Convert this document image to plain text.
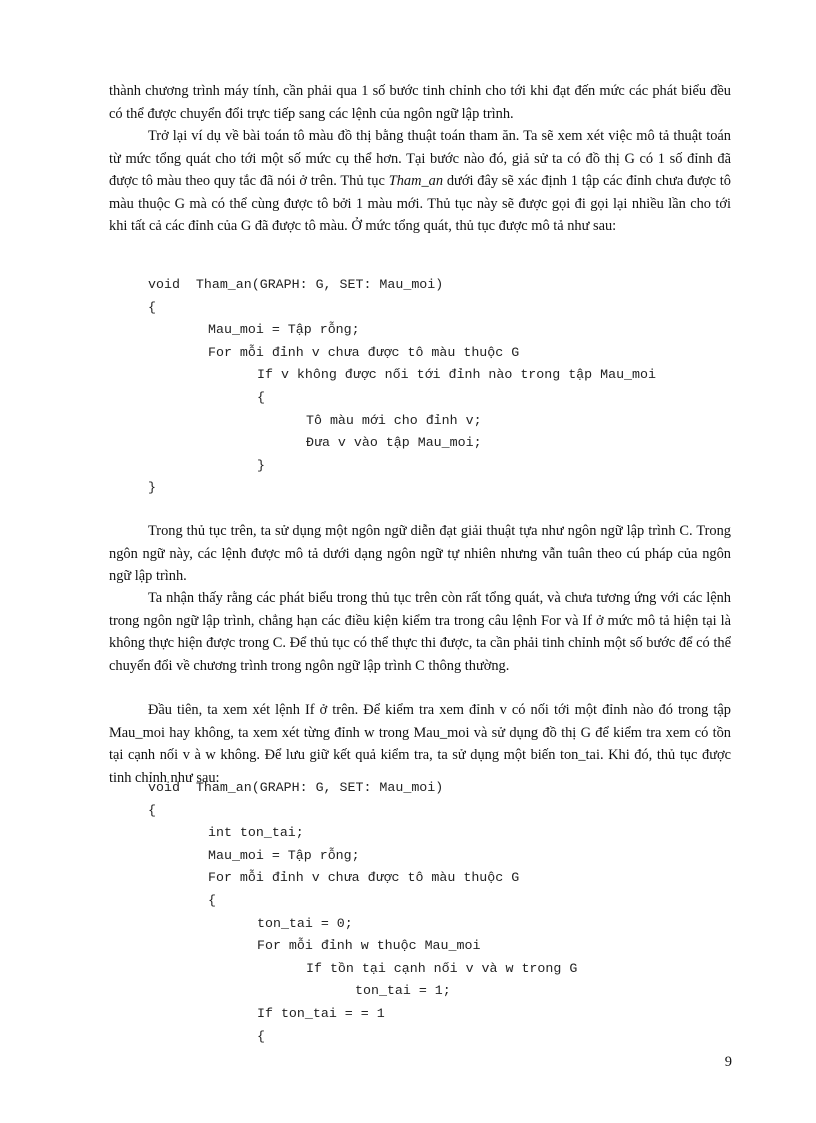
thành chương trình máy tính, cần phải qua 1 số bước tinh chỉnh cho tới khi đạt đến mức các phát biểu đều có thể được chuyển đổi trực tiếp sang các lệnh của ngôn ngữ lập trình.

Trở lại ví dụ về bài toán tô màu đồ thị bằng thuật toán tham ăn. Ta sẽ xem xét việc mô tả thuật toán từ mức tổng quát cho tới một số mức cụ thể hơn. Tại bước nào đó, giả sử ta có đồ thị G có 1 số đỉnh đã được tô màu theo quy tắc đã nói ở trên. Thủ tục Tham_an dưới đây sẽ xác định 1 tập các đỉnh chưa được tô màu thuộc G mà có thể cùng được tô bởi 1 màu mới. Thủ tục này sẽ được gọi đi gọi lại nhiều lần cho tới khi tất cả các đỉnh của G đã được tô màu. Ở mức tổng quát, thủ tục được mô tả như sau:

void  Tham_an(GRAPH: G, SET: Mau_moi)
{
Mau_moi = Tập rỗng;
For mỗi đỉnh v chưa được tô màu thuộc G
If v không được nối tới đỉnh nào trong tập Mau_moi
{
Tô màu mới cho đỉnh v;
Đưa v vào tập Mau_moi;
}
}

Trong thủ tục trên, ta sử dụng một ngôn ngữ diễn đạt giải thuật tựa như ngôn ngữ lập trình C. Trong ngôn ngữ này, các lệnh được mô tả dưới dạng ngôn ngữ tự nhiên nhưng vẫn tuân theo cú pháp của ngôn ngữ lập trình.

Ta nhận thấy rằng các phát biểu trong thủ tục trên còn rất tổng quát, và chưa tương ứng với các lệnh trong ngôn ngữ lập trình, chẳng hạn các điều kiện kiểm tra trong câu lệnh For và If ở mức mô tả hiện tại là không thực hiện được trong C. Để thủ tục có thể thực thi được, ta cần phải tinh chỉnh một số bước để có thể chuyển đổi về chương trình trong ngôn ngữ lập trình C thông thường.

Đầu tiên, ta xem xét lệnh If ở trên. Để kiểm tra xem đỉnh v có nối tới một đỉnh nào đó trong tập Mau_moi hay không, ta xem xét từng đỉnh w trong Mau_moi và sử dụng đồ thị G để kiểm tra xem có tồn tại cạnh nối v à w không. Để lưu giữ kết quả kiểm tra, ta sử dụng một biến ton_tai. Khi đó, thủ tục được tinh chỉnh như sau:

void  Tham_an(GRAPH: G, SET: Mau_moi)
{
int ton_tai;
Mau_moi = Tập rỗng;
For mỗi đỉnh v chưa được tô màu thuộc G
{
ton_tai = 0;
For mỗi đỉnh w thuộc Mau_moi
If tồn tại cạnh nối v và w trong G
ton_tai = 1;
If ton_tai = = 1
{
9
